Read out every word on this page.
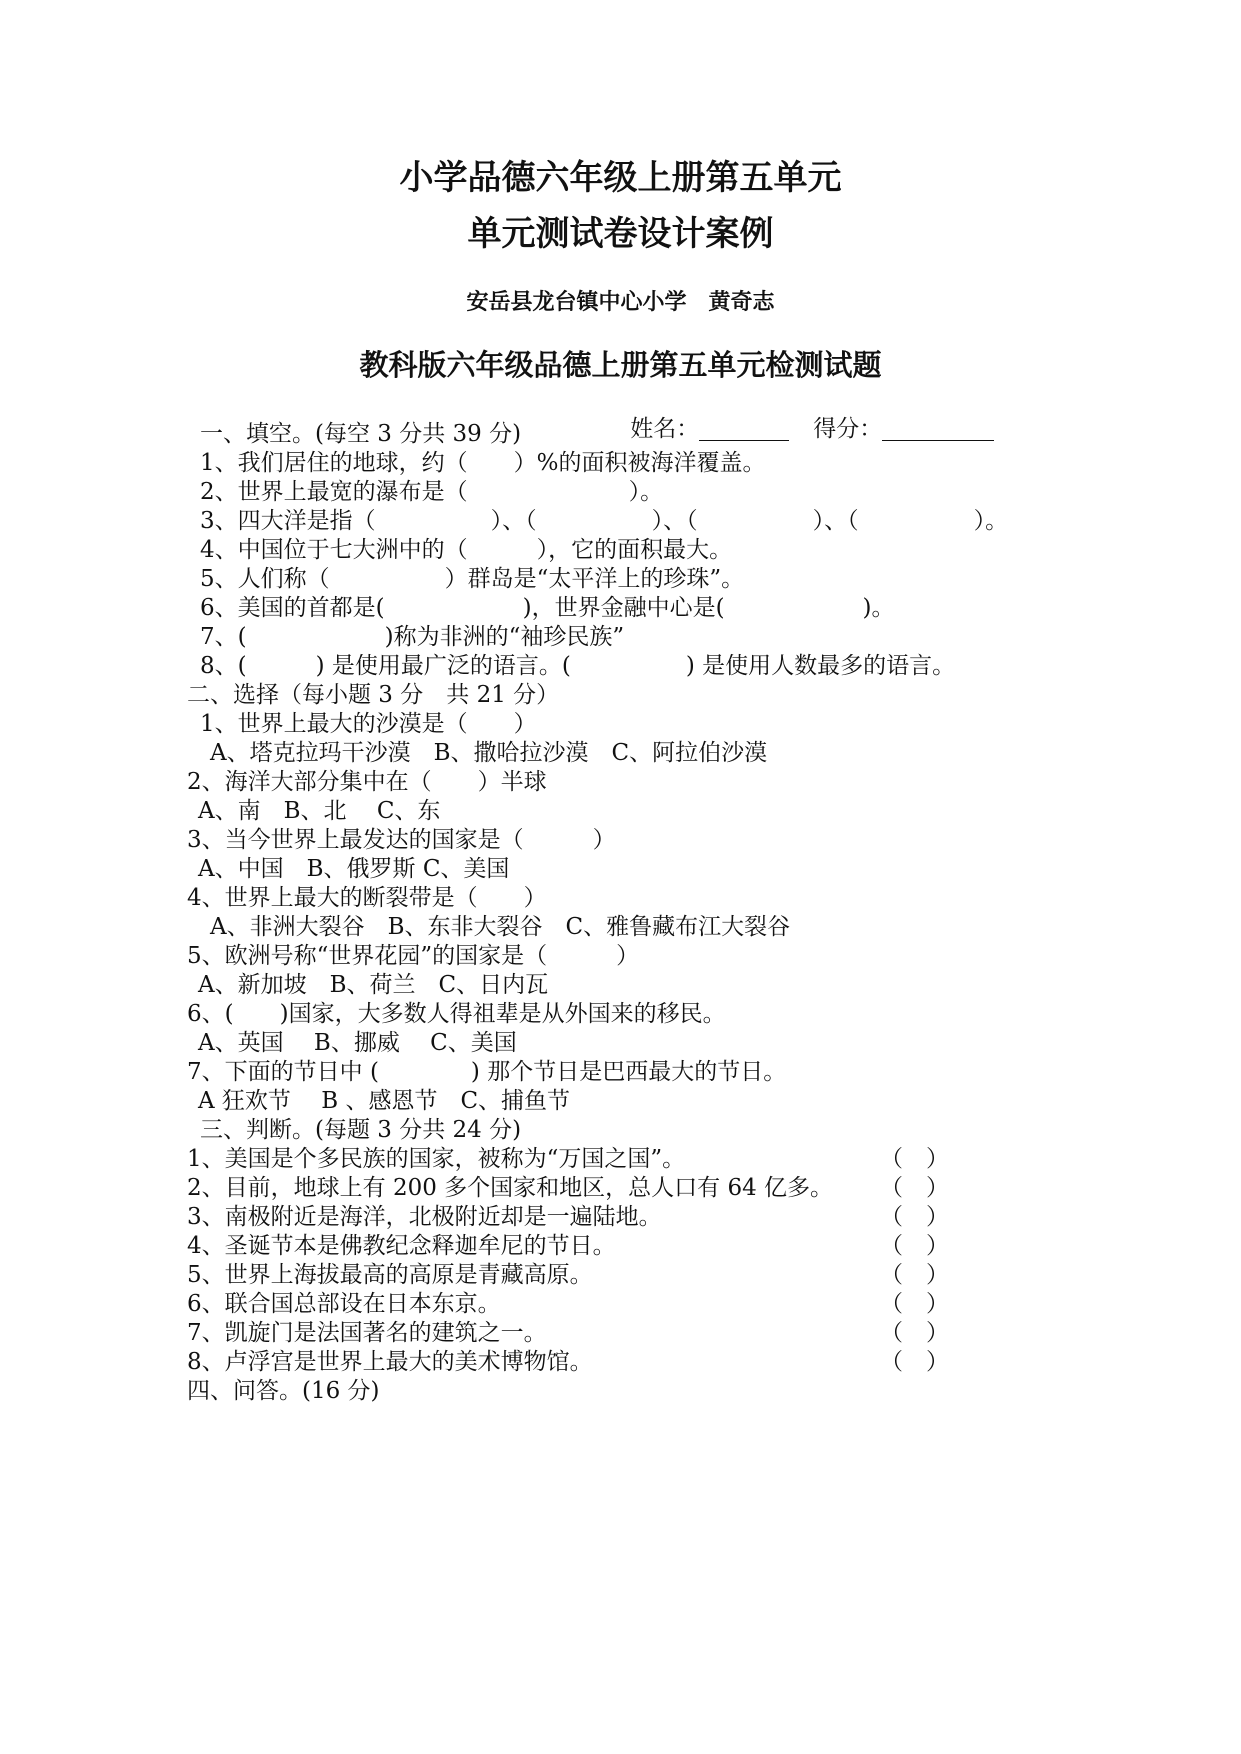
小学品德六年级上册第五单元
单元测试卷设计案例
安岳县龙台镇中心小学　黄奇志
教科版六年级品德上册第五单元检测试题

姓名：	得分：

一、填空。(每空 3 分共 39 分)
1、我们居住的地球，约（　　）%的面积被海洋覆盖。
2、世界上最宽的瀑布是（　　　　　　　）。
3、四大洋是指（　　　　　）、（　　　　　）、（　　　　　）、（　　　　　）。
4、中国位于七大洲中的（　　　），它的面积最大。
5、人们称（　　　　　）群岛是“太平洋上的珍珠”。
6、美国的首都是(　　　　　　)，世界金融中心是(　　　　　　)。
7、(　　　　　　)称为非洲的“袖珍民族”
8、(　　　) 是使用最广泛的语言。(　　　　　) 是使用人数最多的语言。
二、选择（每小题 3 分　共 21 分）
1、世界上最大的沙漠是（　　）
A、塔克拉玛干沙漠　B、撒哈拉沙漠　C、阿拉伯沙漠
2、海洋大部分集中在（　　）半球
A、南　B、北　 C、东
3、当今世界上最发达的国家是（　　　）
A、中国　B、俄罗斯 C、美国
4、世界上最大的断裂带是（　　）
A、非洲大裂谷　B、东非大裂谷　C、雅鲁藏布江大裂谷
5、欧洲号称“世界花园”的国家是（　　　）
A、新加坡　B、荷兰　C、日内瓦
6、(　　)国家，大多数人得祖辈是从外国来的移民。
A、英国　 B、挪威　 C、美国
7、下面的节日中 (　　　　) 那个节日是巴西最大的节日。
A 狂欢节　 B 、感恩节　C、捕鱼节
三、判断。(每题 3 分共 24 分)
1、美国是个多民族的国家，被称为“万国之国”。	（　）
2、目前，地球上有 200 多个国家和地区，总人口有 64 亿多。 （　）
3、南极附近是海洋，北极附近却是一遍陆地。	（　）
4、圣诞节本是佛教纪念释迦牟尼的节日。	（　）
5、世界上海拔最高的高原是青藏高原。	（　）
6、联合国总部设在日本东京。	（　）
7、凯旋门是法国著名的建筑之一。	（　）
8、卢浮宫是世界上最大的美术博物馆。	（　）
四、问答。(16 分)
